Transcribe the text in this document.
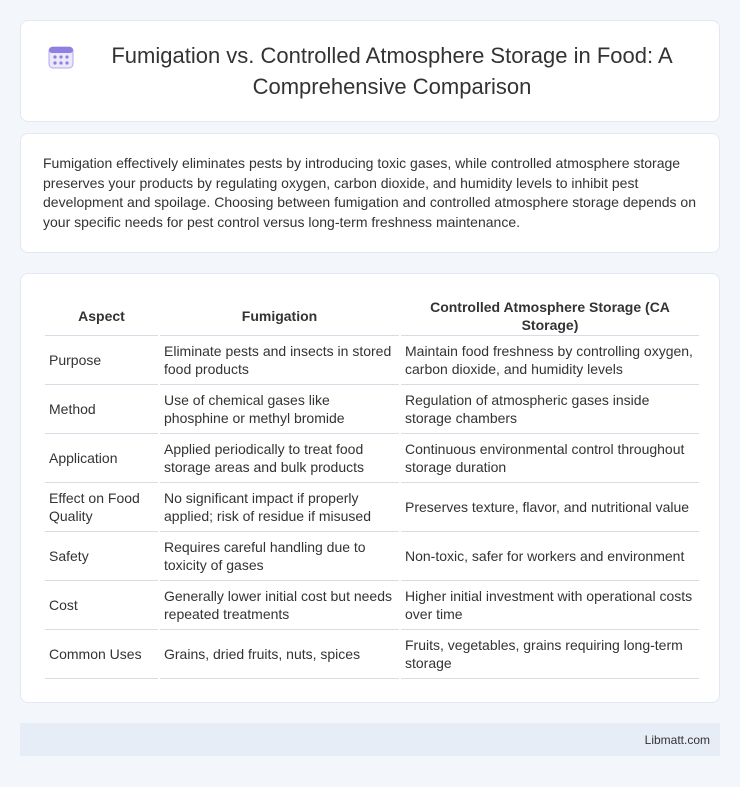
Fumigation vs. Controlled Atmosphere Storage in Food: A Comprehensive Comparison

Fumigation effectively eliminates pests by introducing toxic gases, while controlled atmosphere storage preserves your products by regulating oxygen, carbon dioxide, and humidity levels to inhibit pest development and spoilage. Choosing between fumigation and controlled atmosphere storage depends on your specific needs for pest control versus long-term freshness maintenance.

Aspect	Fumigation	Controlled Atmosphere Storage (CA Storage)
Purpose	Eliminate pests and insects in stored food products	Maintain food freshness by controlling oxygen, carbon dioxide, and humidity levels
Method	Use of chemical gases like phosphine or methyl bromide	Regulation of atmospheric gases inside storage chambers
Application	Applied periodically to treat food storage areas and bulk products	Continuous environmental control throughout storage duration
Effect on Food Quality	No significant impact if properly applied; risk of residue if misused	Preserves texture, flavor, and nutritional value
Safety	Requires careful handling due to toxicity of gases	Non-toxic, safer for workers and environment
Cost	Generally lower initial cost but needs repeated treatments	Higher initial investment with operational costs over time
Common Uses	Grains, dried fruits, nuts, spices	Fruits, vegetables, grains requiring long-term storage
Libmatt.com
